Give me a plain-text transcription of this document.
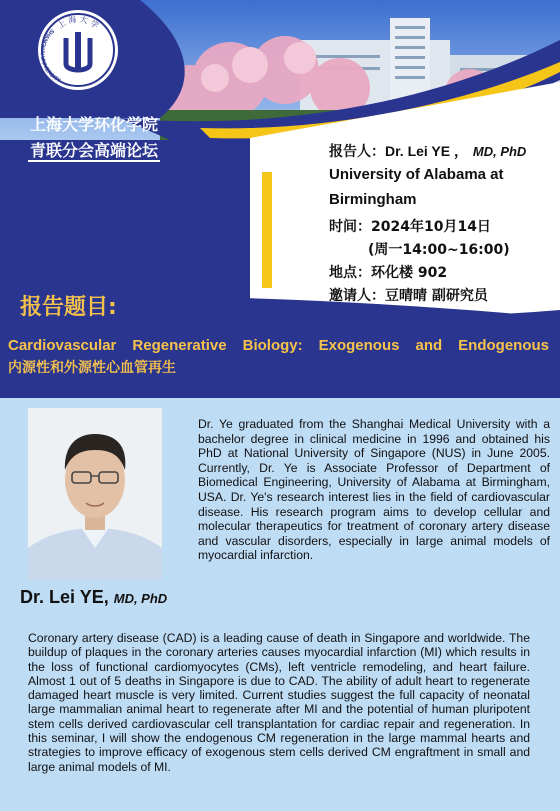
上 海 大 学
SHANGHAI UNIVERSITY
上海大学环化学院
青联分会高端论坛	报告人：Dr. Lei YE ， MD, PhD
University of Alabama at
Birmingham
时间：2024年10月14日
(周一14:00~16:00)
地点：环化楼 902
邀请人：豆晴晴 副研究员
报告题目:
Cardiovascular Regenerative Biology: Exogenous and Endogenous
内源性和外源性心血管再生
Dr. Lei YE, MD, PhD

Dr. Ye graduated from the Shanghai Medical University with a bachelor degree in clinical medicine in 1996 and obtained his PhD at National University of Singapore (NUS) in June 2005. Currently, Dr. Ye is Associate Professor of Department of Biomedical Engineering, University of Alabama at Birmingham, USA. Dr. Ye's research interest lies in the field of cardiovascular disease. His research program aims to develop cellular and molecular therapeutics for treatment of coronary artery disease and vascular disorders, especially in large animal models of myocardial infarction.

Coronary artery disease (CAD) is a leading cause of death in Singapore and worldwide. The buildup of plaques in the coronary arteries causes myocardial infarction (MI) which results in the loss of functional cardiomyocytes (CMs), left ventricle remodeling, and heart failure. Almost 1 out of 5 deaths in Singapore is due to CAD. The ability of adult heart to regenerate damaged heart muscle is very limited. Current studies suggest the full capacity of neonatal large mammalian animal heart to regenerate after MI and the potential of human pluripotent stem cells derived cardiovascular cell transplantation for cardiac repair and regeneration. In this seminar, I will show the endogenous CM regeneration in the large mammal hearts and strategies to improve efficacy of exogenous stem cells derived CM engraftment in small and large animal models of MI.
